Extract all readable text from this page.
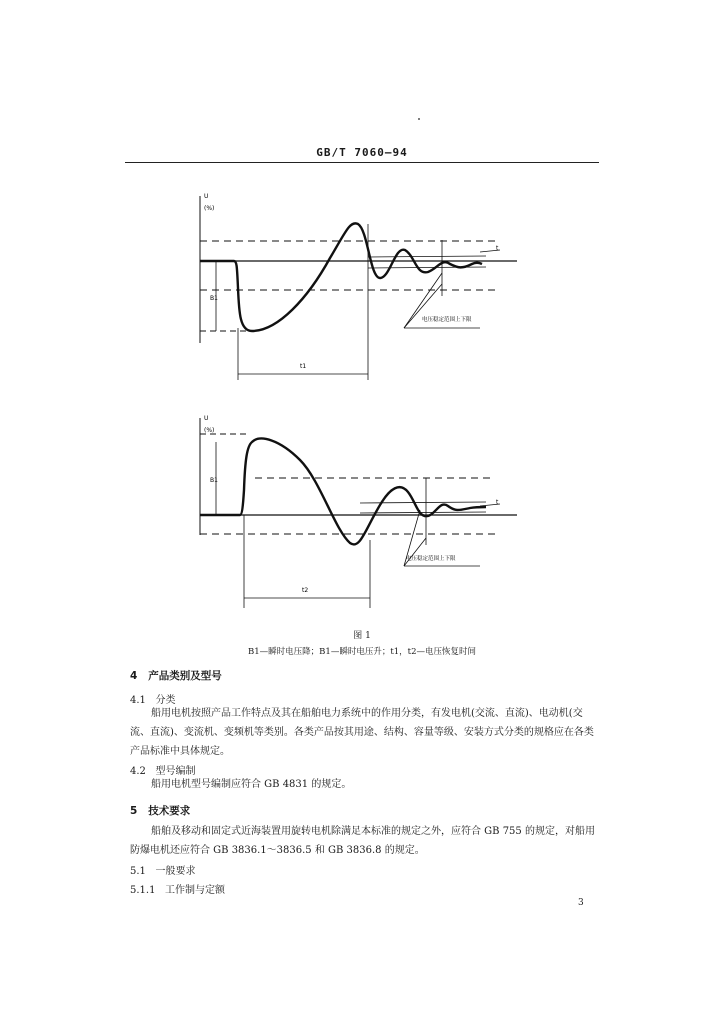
GB/T 7060—94
U
(%)
B1
t1
t
电压稳定范围上下限
U
(%)
B1
t2
t
电压稳定范围上下限
图 1
B1—瞬时电压降；B1—瞬时电压升；t1，t2—电压恢复时间
4 产品类别及型号
4.1 分类

船用电机按照产品工作特点及其在船舶电力系统中的作用分类，有发电机(交流、直流)、电动机(交流、直流)、变流机、变频机等类别。各类产品按其用途、结构、容量等级、安装方式分类的规格应在各类产品标准中具体规定。

4.2 型号编制

船用电机型号编制应符合 GB 4831 的规定。

5 技术要求

船舶及移动和固定式近海装置用旋转电机除满足本标准的规定之外，应符合 GB 755 的规定，对船用防爆电机还应符合 GB 3836.1～3836.5 和 GB 3836.8 的规定。

5.1 一般要求
5.1.1 工作制与定额
3
